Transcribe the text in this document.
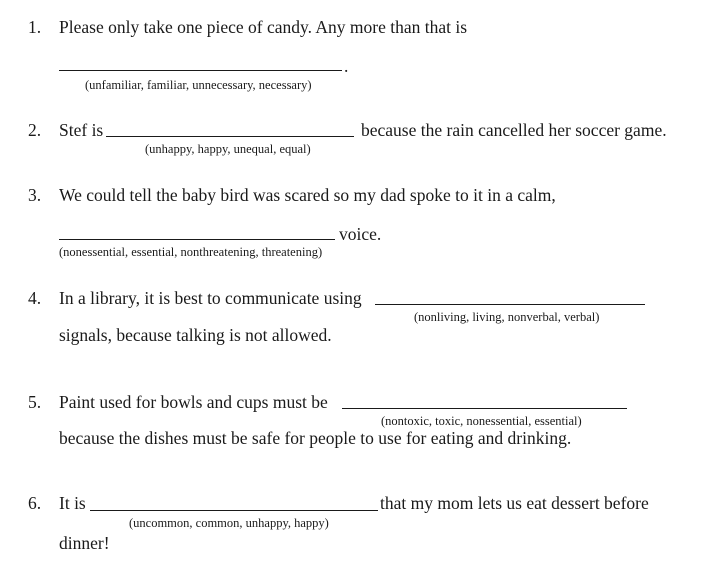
1. Please only take one piece of candy. Any more than that is
.
(unfamiliar, familiar, unnecessary, necessary)
2. Stef is	because the rain cancelled her soccer game.
(unhappy, happy, unequal, equal)
3. We could tell the baby bird was scared so my dad spoke to it in a calm,
voice.
(nonessential, essential, nonthreatening, threatening)
4. In a library, it is best to communicate using
(nonliving, living, nonverbal, verbal)
signals, because talking is not allowed.
5. Paint used for bowls and cups must be
(nontoxic, toxic, nonessential, essential)
because the dishes must be safe for people to use for eating and drinking.
6. It is	that my mom lets us eat dessert before
(uncommon, common, unhappy, happy)
dinner!
